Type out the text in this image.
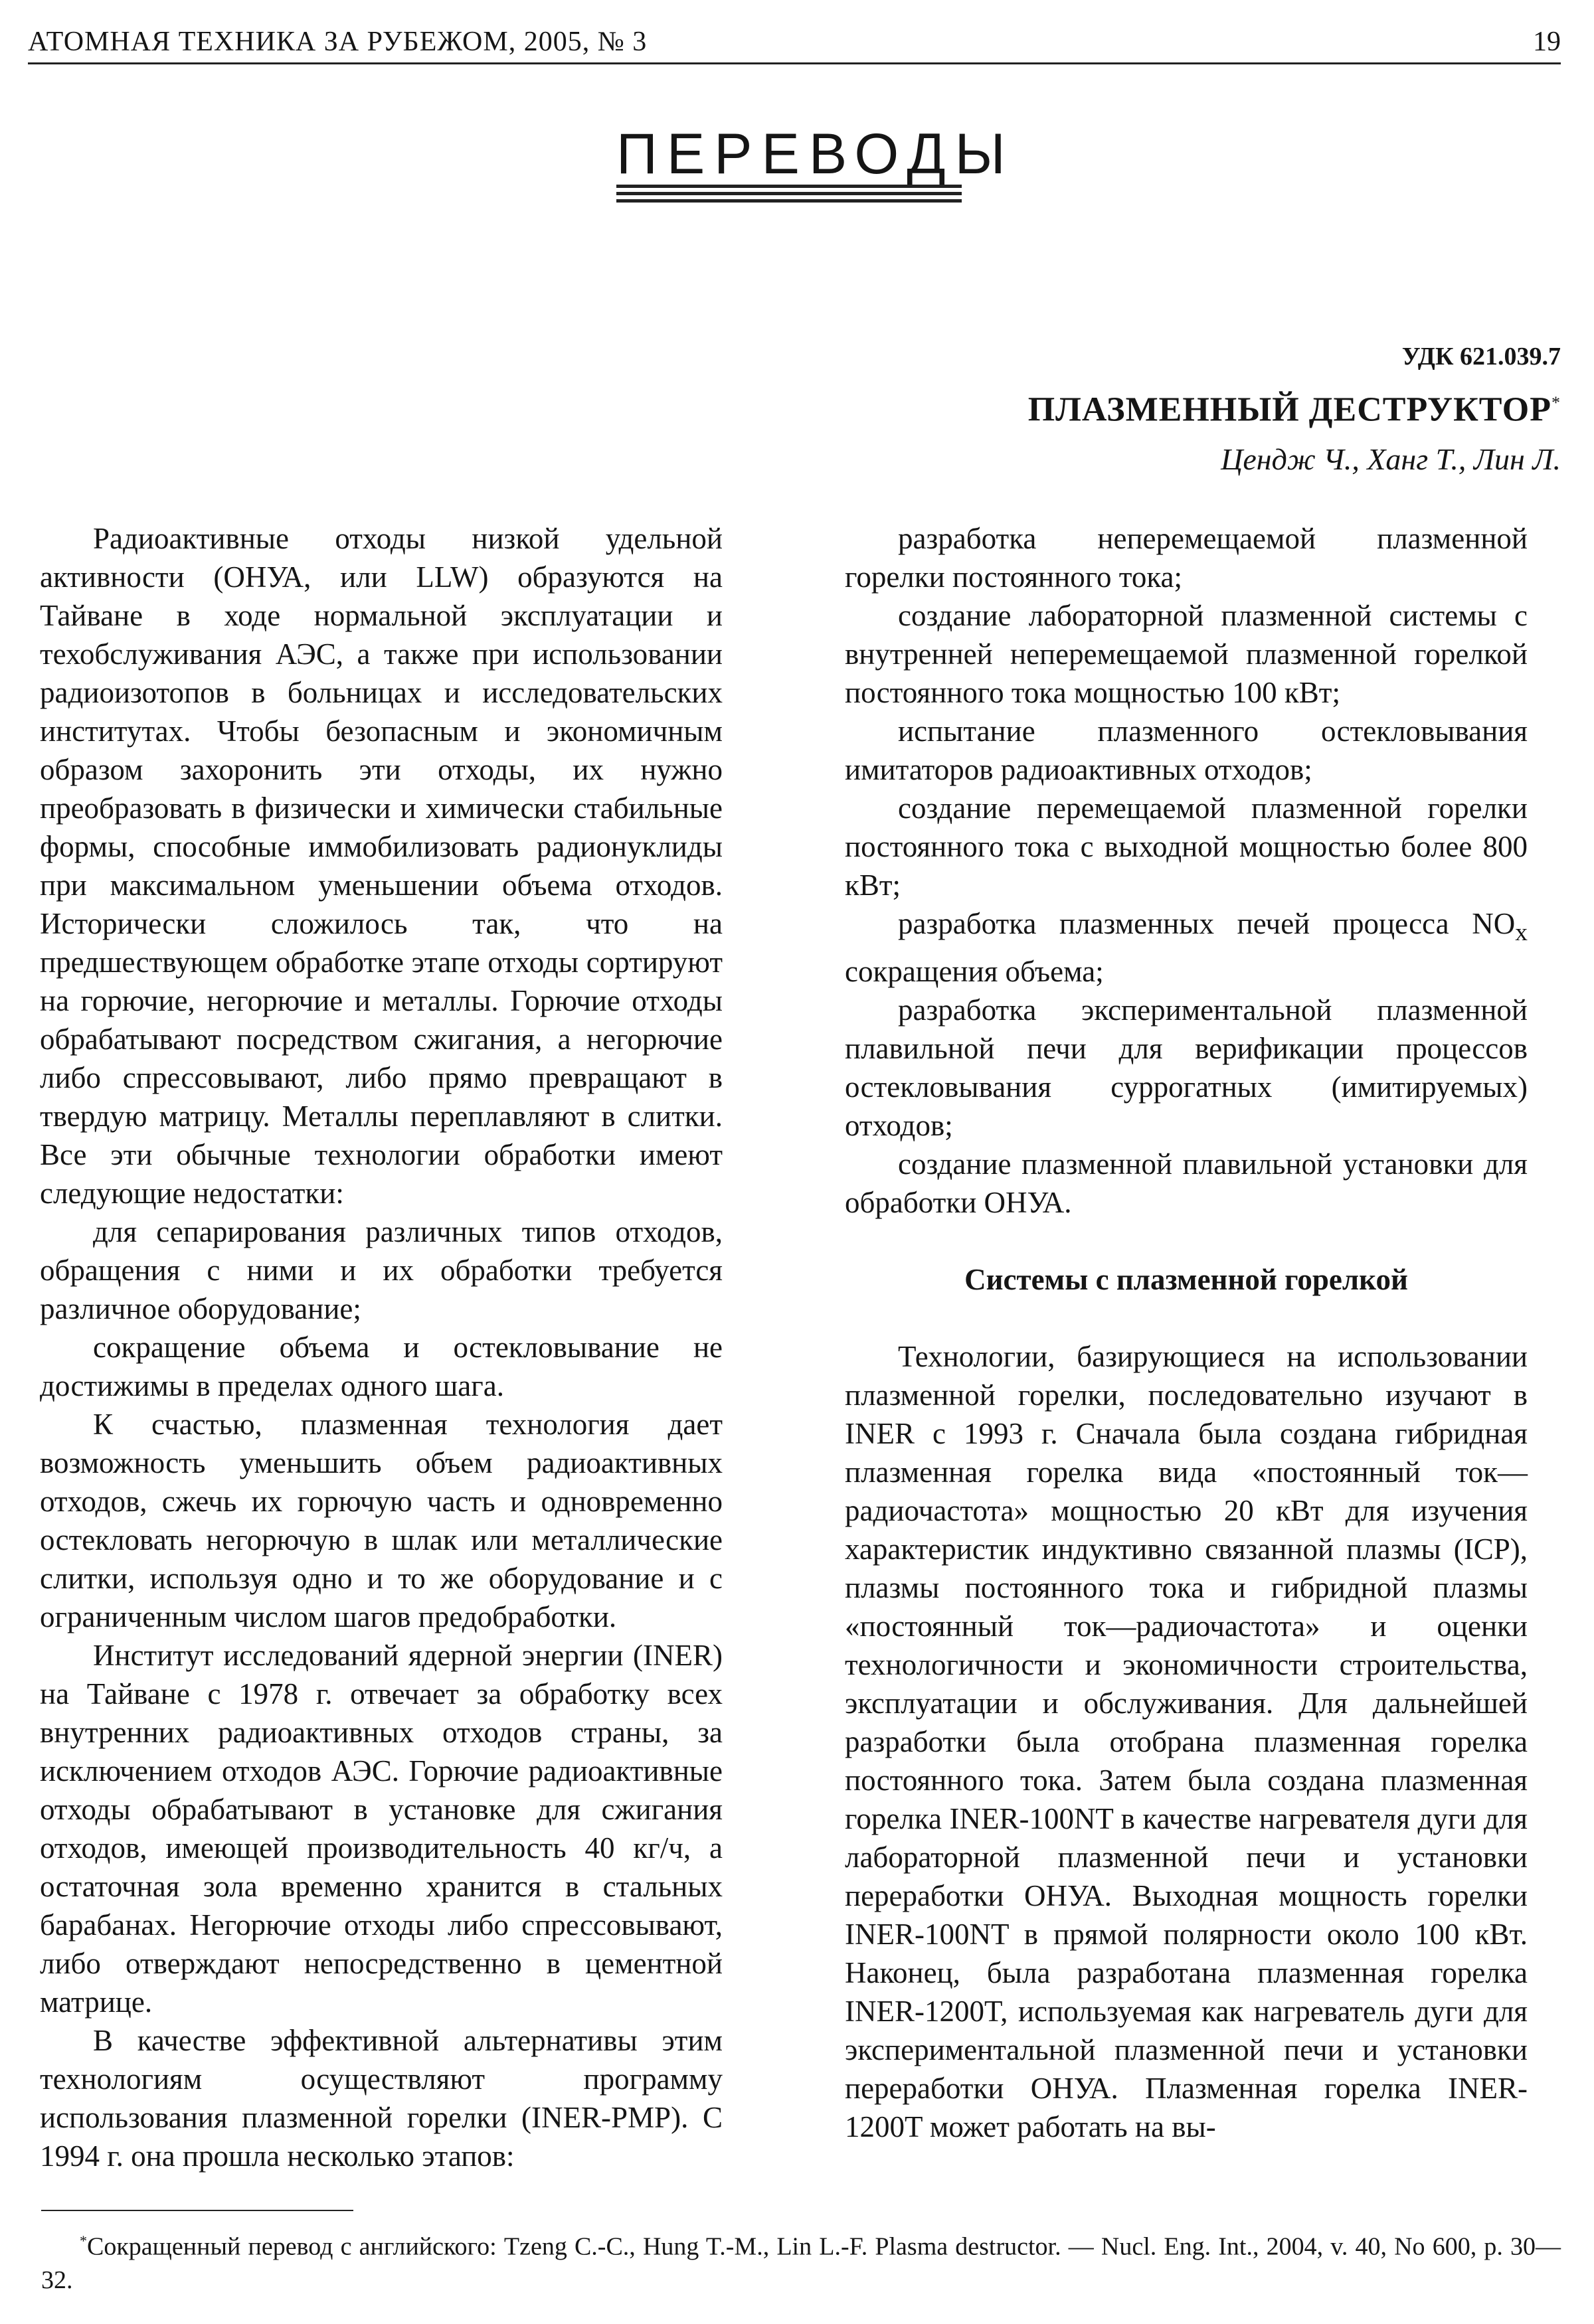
АТОМНАЯ ТЕХНИКА ЗА РУБЕЖОМ, 2005, № 3	19
ПЕРЕВОДЫ
УДК 621.039.7
ПЛАЗМЕННЫЙ ДЕСТРУКТОР*
Цендж Ч., Ханг Т., Лин Л.

Радиоактивные отходы низкой удельной активности (ОНУА, или LLW) образуются на Тайване в ходе нормальной эксплуатации и техобслуживания АЭС, а также при использовании радиоизотопов в больницах и исследовательских институтах. Чтобы безопасным и экономичным образом захоронить эти отходы, их нужно преобразовать в физически и химически стабильные формы, способные иммобилизовать радионуклиды при максимальном уменьшении объема отходов. Исторически сложилось так, что на предшествующем обработке этапе отходы сортируют на горючие, негорючие и металлы. Горючие отходы обрабатывают посредством сжигания, а негорючие либо спрессовывают, либо прямо превращают в твердую матрицу. Металлы переплавляют в слитки. Все эти обычные технологии обработки имеют следующие недостатки:

для сепарирования различных типов отходов, обращения с ними и их обработки требуется различное оборудование;

сокращение объема и остекловывание не достижимы в пределах одного шага.

К счастью, плазменная технология дает возможность уменьшить объем радиоактивных отходов, сжечь их горючую часть и одновременно остекловать негорючую в шлак или металлические слитки, используя одно и то же оборудование и с ограниченным числом шагов предобработки.

Институт исследований ядерной энергии (INER) на Тайване с 1978 г. отвечает за обработку всех внутренних радиоактивных отходов страны, за исключением отходов АЭС. Горючие радиоактивные отходы обрабатывают в установке для сжигания отходов, имеющей производительность 40 кг/ч, а остаточная зола временно хранится в стальных барабанах. Негорючие отходы либо спрессовывают, либо отверждают непосредственно в цементной матрице.

В качестве эффективной альтернативы этим технологиям осуществляют программу использования плазменной горелки (INER-PMP). С 1994 г. она прошла несколько этапов:

разработка неперемещаемой плазменной горелки постоянного тока;

создание лабораторной плазменной системы с внутренней неперемещаемой плазменной горелкой постоянного тока мощностью 100 кВт;

испытание плазменного остекловывания имитаторов радиоактивных отходов;

создание перемещаемой плазменной горелки постоянного тока с выходной мощностью более 800 кВт;

разработка плазменных печей процесса $NO_x$ сокращения объема;

разработка экспериментальной плазменной плавильной печи для верификации процессов остекловывания суррогатных (имитируемых) отходов;

создание плазменной плавильной установки для обработки ОНУА.

Системы с плазменной горелкой

Технологии, базирующиеся на использовании плазменной горелки, последовательно изучают в INER с 1993 г. Сначала была создана гибридная плазменная горелка вида «постоянный ток—радиочастота» мощностью 20 кВт для изучения характеристик индуктивно связанной плазмы (ICP), плазмы постоянного тока и гибридной плазмы «постоянный ток—радиочастота» и оценки технологичности и экономичности строительства, эксплуатации и обслуживания. Для дальнейшей разработки была отобрана плазменная горелка постоянного тока. Затем была создана плазменная горелка INER-100NT в качестве нагревателя дуги для лабораторной плазменной печи и установки переработки ОНУА. Выходная мощность горелки INER-100NT в прямой полярности около 100 кВт. Наконец, была разработана плазменная горелка INER-1200T, используемая как нагреватель дуги для экспериментальной плазменной печи и установки переработки ОНУА. Плазменная горелка INER-1200T может работать на вы-

*Сокращенный перевод с английского: Tzeng C.-C., Hung T.-M., Lin L.-F. Plasma destructor. — Nucl. Eng. Int., 2004, v. 40, No 600, p. 30—32.
